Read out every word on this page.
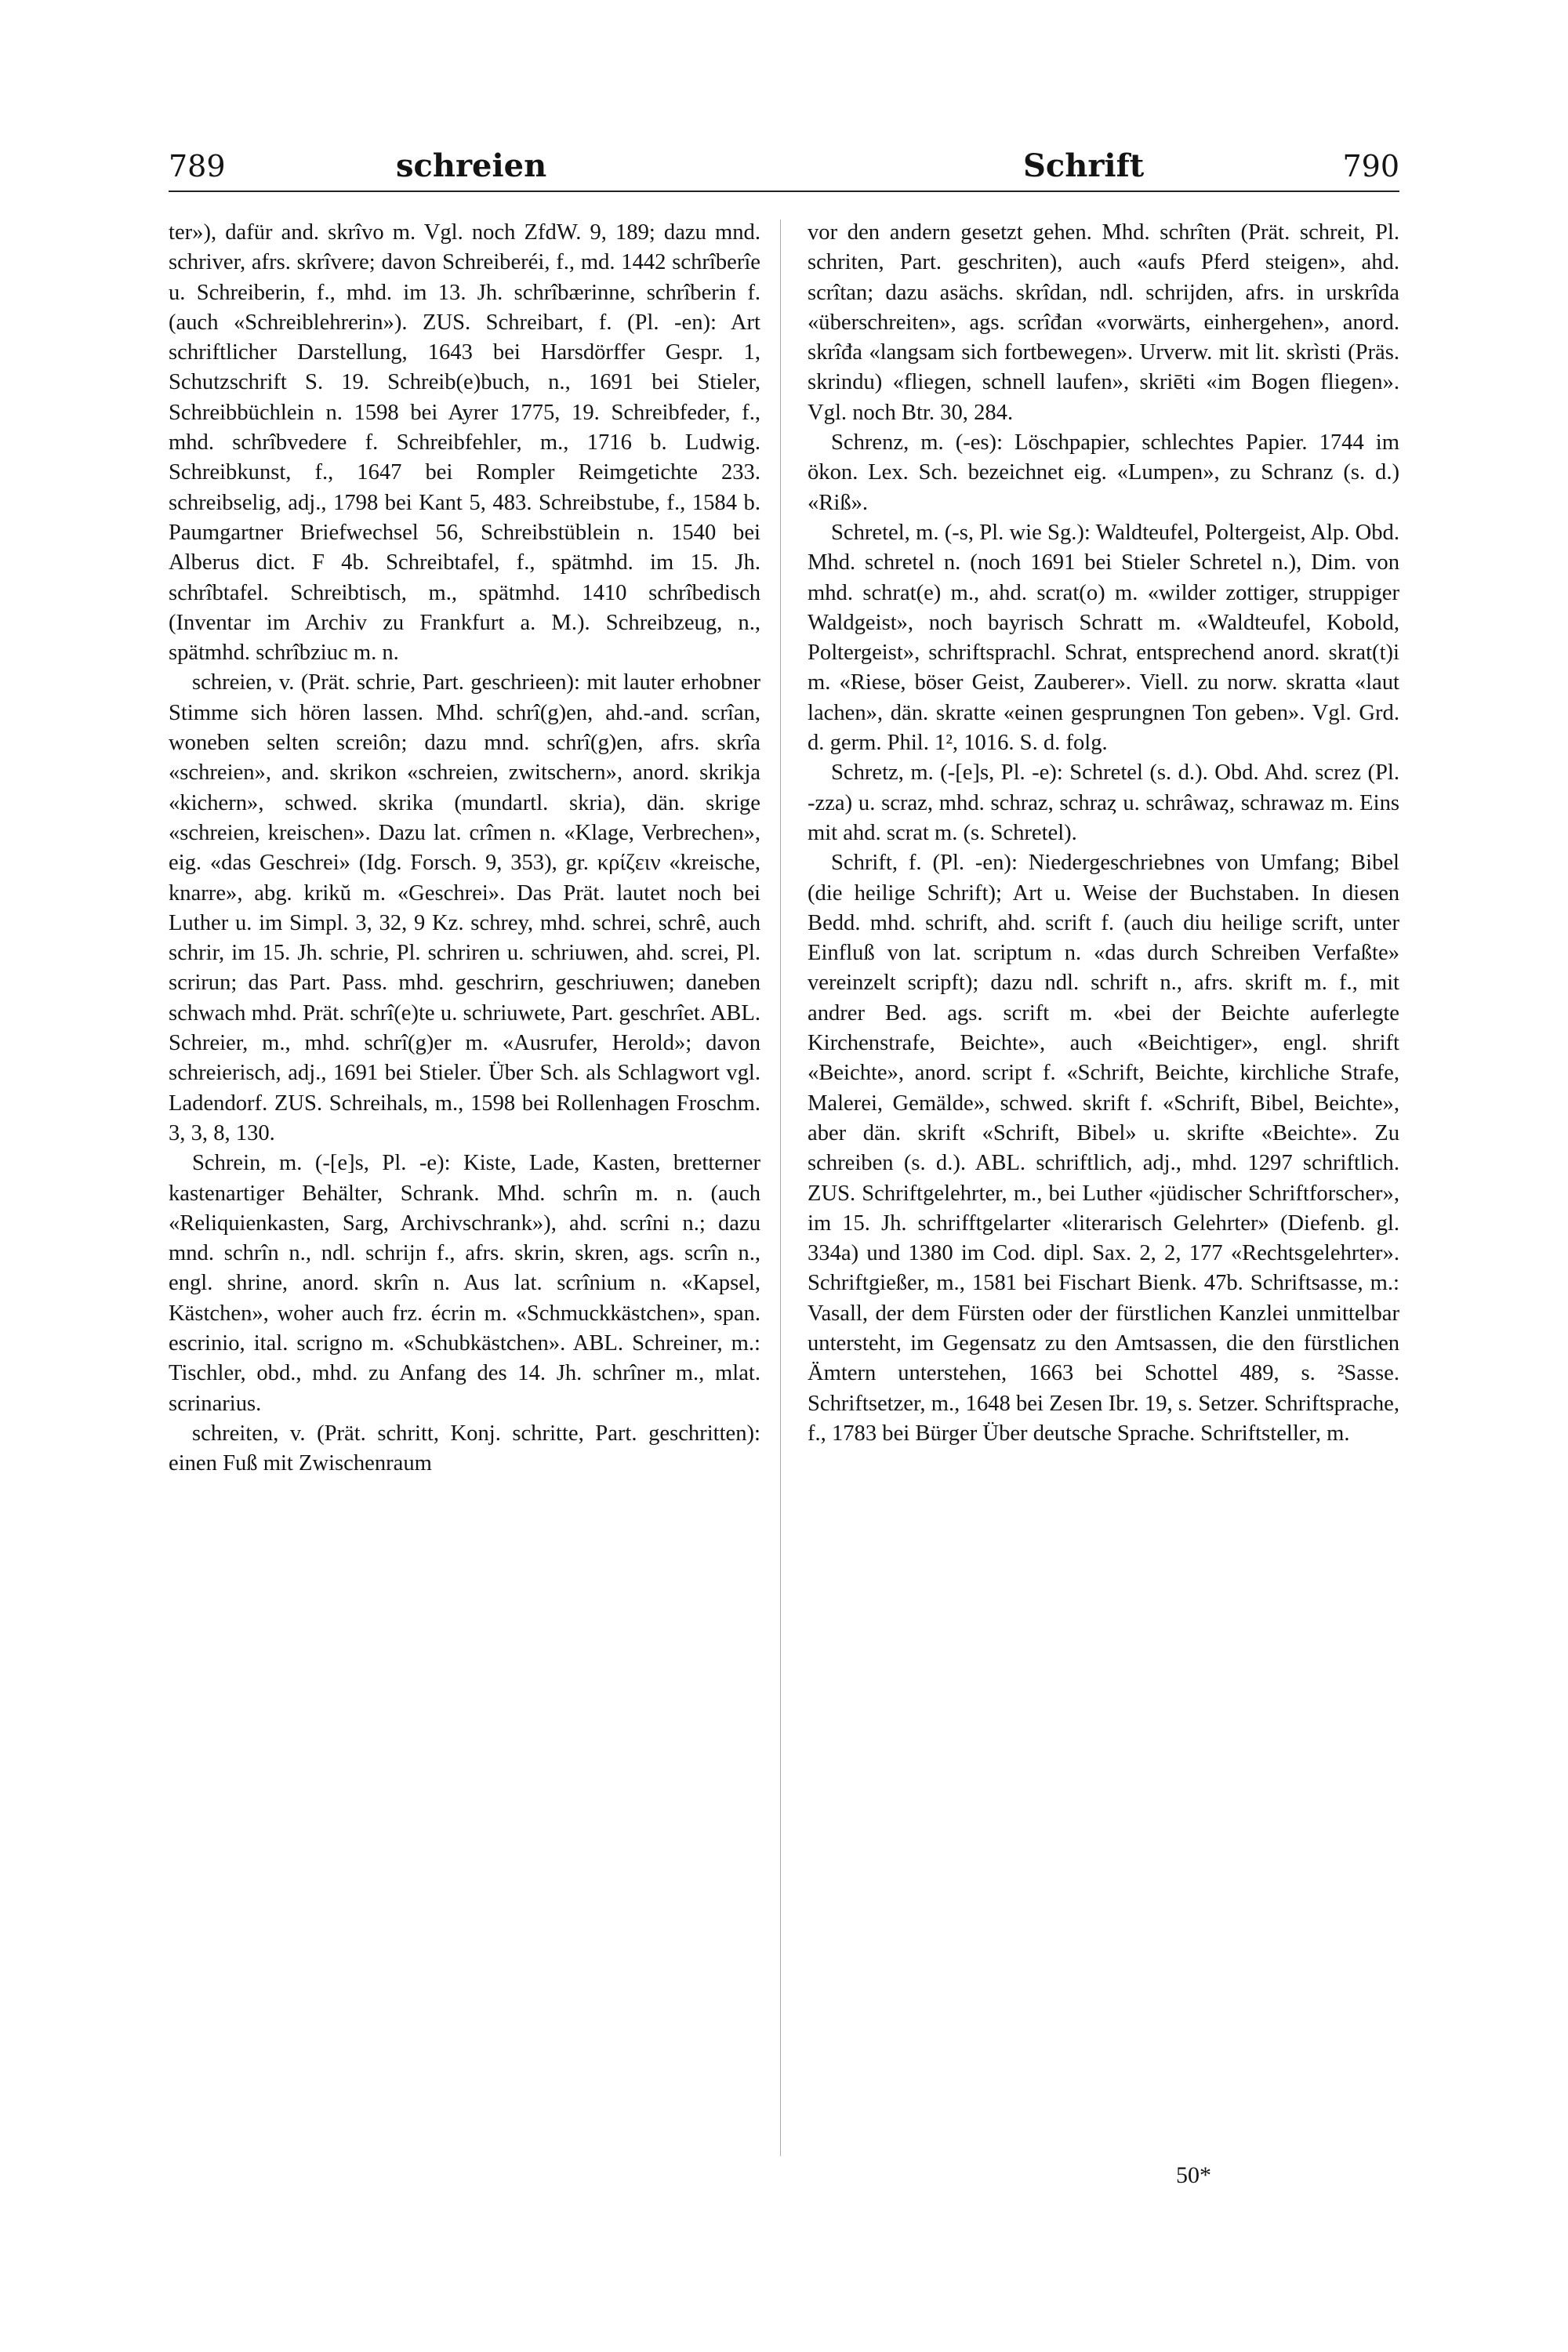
789	schreien	Schrift	790

ter»), dafür and. skrîvo m. Vgl. noch ZfdW. 9, 189; dazu mnd. schriver, afrs. skrîvere; davon Schreiberéi, f., md. 1442 schrîberîe u. Schreiberin, f., mhd. im 13. Jh. schrîbærinne, schrîberin f. (auch «Schreiblehrerin»). ZUS. Schreibart, f. (Pl. -en): Art schriftlicher Darstellung, 1643 bei Harsdörffer Gespr. 1, Schutzschrift S. 19. Schreib(e)buch, n., 1691 bei Stieler, Schreibbüchlein n. 1598 bei Ayrer 1775, 19. Schreibfeder, f., mhd. schrîbvedere f. Schreibfehler, m., 1716 b. Ludwig. Schreibkunst, f., 1647 bei Rompler Reimgetichte 233. schreibselig, adj., 1798 bei Kant 5, 483. Schreibstube, f., 1584 b. Paumgartner Briefwechsel 56, Schreibstüblein n. 1540 bei Alberus dict. F 4b. Schreibtafel, f., spätmhd. im 15. Jh. schrîbtafel. Schreibtisch, m., spätmhd. 1410 schrîbedisch (Inventar im Archiv zu Frankfurt a. M.). Schreibzeug, n., spätmhd. schrîbziuc m. n.

schreien, v. (Prät. schrie, Part. geschrieen): mit lauter erhobner Stimme sich hören lassen. Mhd. schrî(g)en, ahd.-and. scrîan, woneben selten screiôn; dazu mnd. schrî(g)en, afrs. skrîa «schreien», and. skrikon «schreien, zwitschern», anord. skrikja «kichern», schwed. skrika (mundartl. skria), dän. skrige «schreien, kreischen». Dazu lat. crîmen n. «Klage, Verbrechen», eig. «das Geschrei» (Idg. Forsch. 9, 353), gr. κρίζειν «kreische, knarre», abg. krikŭ m. «Geschrei». Das Prät. lautet noch bei Luther u. im Simpl. 3, 32, 9 Kz. schrey, mhd. schrei, schrê, auch schrir, im 15. Jh. schrie, Pl. schriren u. schriuwen, ahd. screi, Pl. scrirun; das Part. Pass. mhd. geschrirn, geschriuwen; daneben schwach mhd. Prät. schrî(e)te u. schriuwete, Part. geschrîet. ABL. Schreier, m., mhd. schrî(g)er m. «Ausrufer, Herold»; davon schreierisch, adj., 1691 bei Stieler. Über Sch. als Schlagwort vgl. Ladendorf. ZUS. Schreihals, m., 1598 bei Rollenhagen Froschm. 3, 3, 8, 130.

Schrein, m. (-[e]s, Pl. -e): Kiste, Lade, Kasten, bretterner kastenartiger Behälter, Schrank. Mhd. schrîn m. n. (auch «Reliquienkasten, Sarg, Archivschrank»), ahd. scrîni n.; dazu mnd. schrîn n., ndl. schrijn f., afrs. skrin, skren, ags. scrîn n., engl. shrine, anord. skrîn n. Aus lat. scrînium n. «Kapsel, Kästchen», woher auch frz. écrin m. «Schmuckkästchen», span. escrinio, ital. scrigno m. «Schubkästchen». ABL. Schreiner, m.: Tischler, obd., mhd. zu Anfang des 14. Jh. schrîner m., mlat. scrinarius.

schreiten, v. (Prät. schritt, Konj. schritte, Part. geschritten): einen Fuß mit Zwischenraum

vor den andern gesetzt gehen. Mhd. schrîten (Prät. schreit, Pl. schriten, Part. geschriten), auch «aufs Pferd steigen», ahd. scrîtan; dazu asächs. skrîdan, ndl. schrijden, afrs. in urskrîda «überschreiten», ags. scrîđan «vorwärts, einhergehen», anord. skrîđa «langsam sich fortbewegen». Urverw. mit lit. skrìsti (Präs. skrindu) «fliegen, schnell laufen», skriēti «im Bogen fliegen». Vgl. noch Btr. 30, 284.

Schrenz, m. (-es): Löschpapier, schlechtes Papier. 1744 im ökon. Lex. Sch. bezeichnet eig. «Lumpen», zu Schranz (s. d.) «Riß».

Schretel, m. (-s, Pl. wie Sg.): Waldteufel, Poltergeist, Alp. Obd. Mhd. schretel n. (noch 1691 bei Stieler Schretel n.), Dim. von mhd. schrat(e) m., ahd. scrat(o) m. «wilder zottiger, struppiger Waldgeist», noch bayrisch Schratt m. «Waldteufel, Kobold, Poltergeist», schriftsprachl. Schrat, entsprechend anord. skrat(t)i m. «Riese, böser Geist, Zauberer». Viell. zu norw. skratta «laut lachen», dän. skratte «einen gesprungnen Ton geben». Vgl. Grd. d. germ. Phil. 1², 1016. S. d. folg.

Schretz, m. (-[e]s, Pl. -e): Schretel (s. d.). Obd. Ahd. screz (Pl. -zza) u. scraz, mhd. schraz, schraȥ u. schrâwaȥ, schrawaz m. Eins mit ahd. scrat m. (s. Schretel).

Schrift, f. (Pl. -en): Niedergeschriebnes von Umfang; Bibel (die heilige Schrift); Art u. Weise der Buchstaben. In diesen Bedd. mhd. schrift, ahd. scrift f. (auch diu heilige scrift, unter Einfluß von lat. scriptum n. «das durch Schreiben Verfaßte» vereinzelt scripft); dazu ndl. schrift n., afrs. skrift m. f., mit andrer Bed. ags. scrift m. «bei der Beichte auferlegte Kirchenstrafe, Beichte», auch «Beichtiger», engl. shrift «Beichte», anord. script f. «Schrift, Beichte, kirchliche Strafe, Malerei, Gemälde», schwed. skrift f. «Schrift, Bibel, Beichte», aber dän. skrift «Schrift, Bibel» u. skrifte «Beichte». Zu schreiben (s. d.). ABL. schriftlich, adj., mhd. 1297 schriftlich. ZUS. Schriftgelehrter, m., bei Luther «jüdischer Schriftforscher», im 15. Jh. schrifftgelarter «literarisch Gelehrter» (Diefenb. gl. 334a) und 1380 im Cod. dipl. Sax. 2, 2, 177 «Rechtsgelehrter». Schriftgießer, m., 1581 bei Fischart Bienk. 47b. Schriftsasse, m.: Vasall, der dem Fürsten oder der fürstlichen Kanzlei unmittelbar untersteht, im Gegensatz zu den Amtsassen, die den fürstlichen Ämtern unterstehen, 1663 bei Schottel 489, s. ²Sasse. Schriftsetzer, m., 1648 bei Zesen Ibr. 19, s. Setzer. Schriftsprache, f., 1783 bei Bürger Über deutsche Sprache. Schriftsteller, m.

50*
